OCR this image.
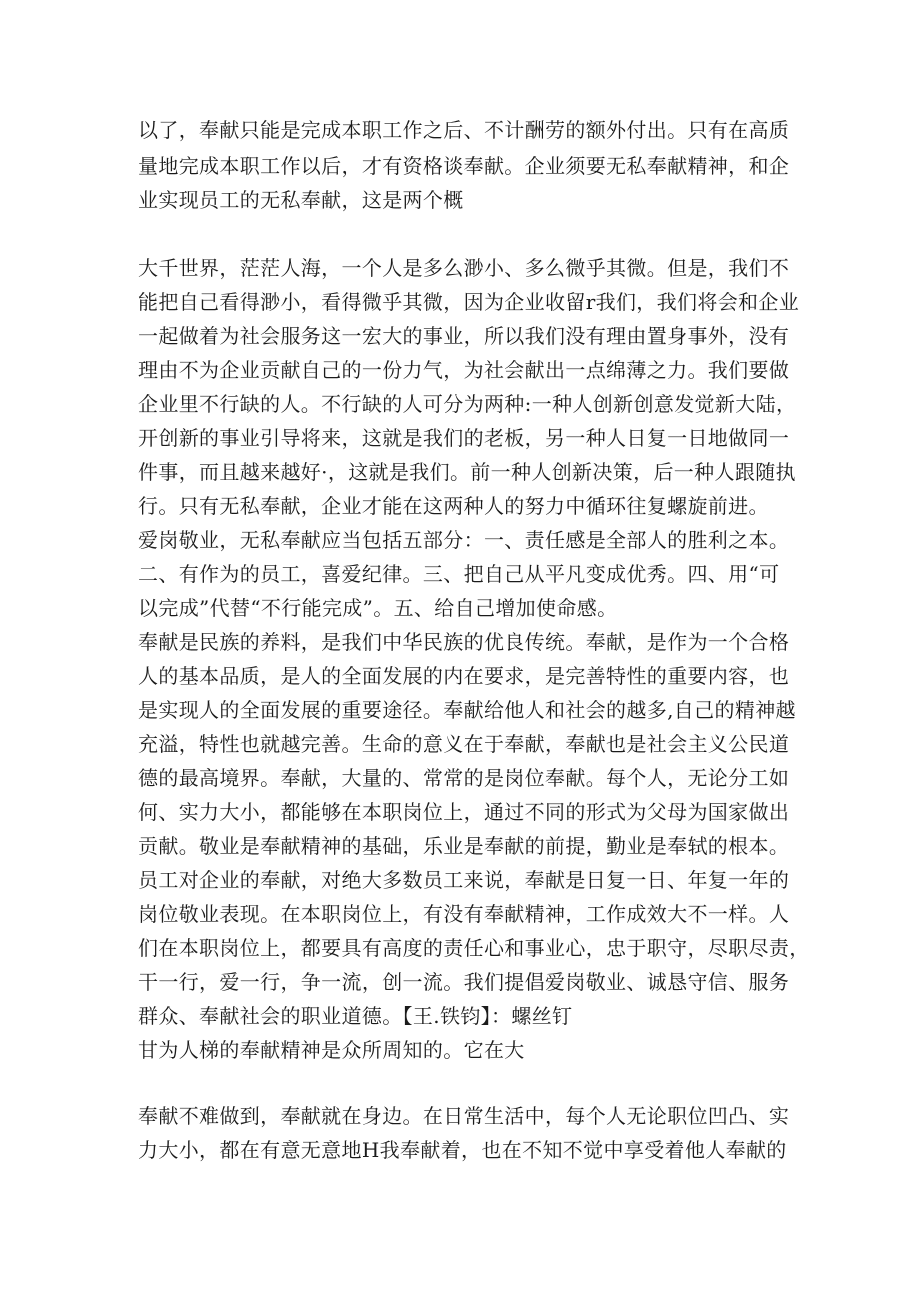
以了，奉献只能是完成本职工作之后、不计酬劳的额外付出。只有在高质

量地完成本职工作以后，才有资格谈奉献。企业须要无私奉献精神，和企

业实现员工的无私奉献，这是两个概

大千世界，茫茫人海，一个人是多么渺小、多么微乎其微。但是，我们不

能把自己看得渺小，看得微乎其微，因为企业收留r我们，我们将会和企业

一起做着为社会服务这一宏大的事业，所以我们没有理由置身事外，没有

理由不为企业贡献自己的一份力气，为社会献出一点绵薄之力。我们要做

企业里不行缺的人。不行缺的人可分为两种:一种人创新创意发觉新大陆，

开创新的事业引导将来，这就是我们的老板，另一种人日复一日地做同一

件事，而且越来越好·，这就是我们。前一种人创新决策，后一种人跟随执

行。只有无私奉献，企业才能在这两种人的努力中循环往复螺旋前进。

爱岗敬业，无私奉献应当包括五部分：一、责任感是全部人的胜利之本。

二、有作为的员工，喜爱纪律。三、把自己从平凡变成优秀。四、用“可

以完成”代替“不行能完成”。五、给自己增加使命感。

奉献是民族的养料，是我们中华民族的优良传统。奉献，是作为一个合格

人的基本品质，是人的全面发展的内在要求，是完善特性的重要内容，也

是实现人的全面发展的重要途径。奉献给他人和社会的越多,自己的精神越

充溢，特性也就越完善。生命的意义在于奉献，奉献也是社会主义公民道

德的最高境界。奉献，大量的、常常的是岗位奉献。每个人，无论分工如

何、实力大小，都能够在本职岗位上，通过不同的形式为父母为国家做出

贡献。敬业是奉献精神的基础，乐业是奉献的前提，勤业是奉轼的根本。

员工对企业的奉献，对绝大多数员工来说，奉献是日复一日、年复一年的

岗位敬业表现。在本职岗位上，有没有奉献精神，工作成效大不一样。人

们在本职岗位上，都要具有高度的责任心和事业心，忠于职守，尽职尽责，

干一行，爱一行，争一流，创一流。我们提倡爱岗敬业、诚恳守信、服务

群众、奉献社会的职业道德。【王.铁钧】：螺丝钉

甘为人梯的奉献精神是众所周知的。它在大

奉献不难做到，奉献就在身边。在日常生活中，每个人无论职位凹凸、实

力大小，都在有意无意地H我奉献着，也在不知不觉中享受着他人奉献的
